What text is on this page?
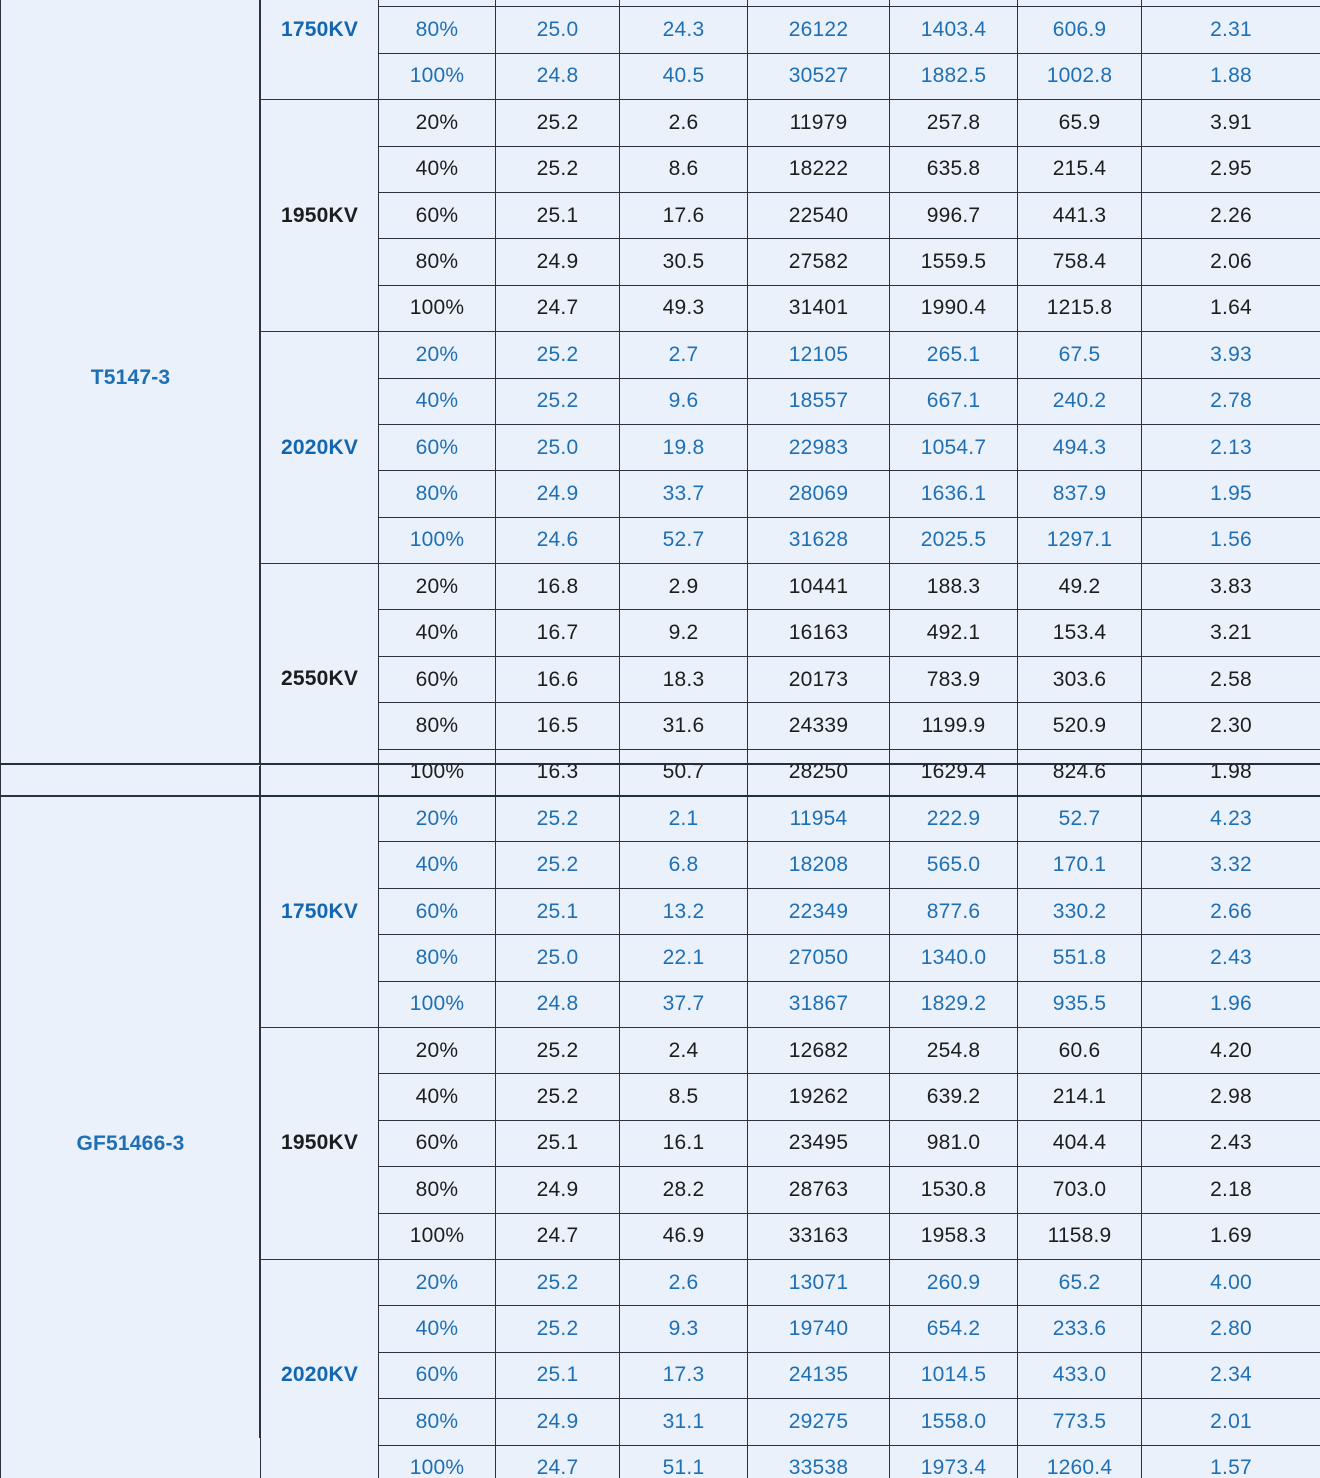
T5147-3	1750KV							
		80%	25.0	24.3	26122	1403.4	606.9	2.31
		100%	24.8	40.5	30527	1882.5	1002.8	1.88
	1950KV	20%	25.2	2.6	11979	257.8	65.9	3.91
		40%	25.2	8.6	18222	635.8	215.4	2.95
		60%	25.1	17.6	22540	996.7	441.3	2.26
		80%	24.9	30.5	27582	1559.5	758.4	2.06
		100%	24.7	49.3	31401	1990.4	1215.8	1.64
	2020KV	20%	25.2	2.7	12105	265.1	67.5	3.93
		40%	25.2	9.6	18557	667.1	240.2	2.78
		60%	25.0	19.8	22983	1054.7	494.3	2.13
		80%	24.9	33.7	28069	1636.1	837.9	1.95
		100%	24.6	52.7	31628	2025.5	1297.1	1.56
	2550KV	20%	16.8	2.9	10441	188.3	49.2	3.83
		40%	16.7	9.2	16163	492.1	153.4	3.21
		60%	16.6	18.3	20173	783.9	303.6	2.58
		80%	16.5	31.6	24339	1199.9	520.9	2.30
		100%	16.3	50.7	28250	1629.4	824.6	1.98
GF51466-3	1750KV	20%	25.2	2.1	11954	222.9	52.7	4.23
		40%	25.2	6.8	18208	565.0	170.1	3.32
		60%	25.1	13.2	22349	877.6	330.2	2.66
		80%	25.0	22.1	27050	1340.0	551.8	2.43
		100%	24.8	37.7	31867	1829.2	935.5	1.96
	1950KV	20%	25.2	2.4	12682	254.8	60.6	4.20
		40%	25.2	8.5	19262	639.2	214.1	2.98
		60%	25.1	16.1	23495	981.0	404.4	2.43
		80%	24.9	28.2	28763	1530.8	703.0	2.18
		100%	24.7	46.9	33163	1958.3	1158.9	1.69
	2020KV	20%	25.2	2.6	13071	260.9	65.2	4.00
		40%	25.2	9.3	19740	654.2	233.6	2.80
		60%	25.1	17.3	24135	1014.5	433.0	2.34
		80%	24.9	31.1	29275	1558.0	773.5	2.01
		100%	24.7	51.1	33538	1973.4	1260.4	1.57
